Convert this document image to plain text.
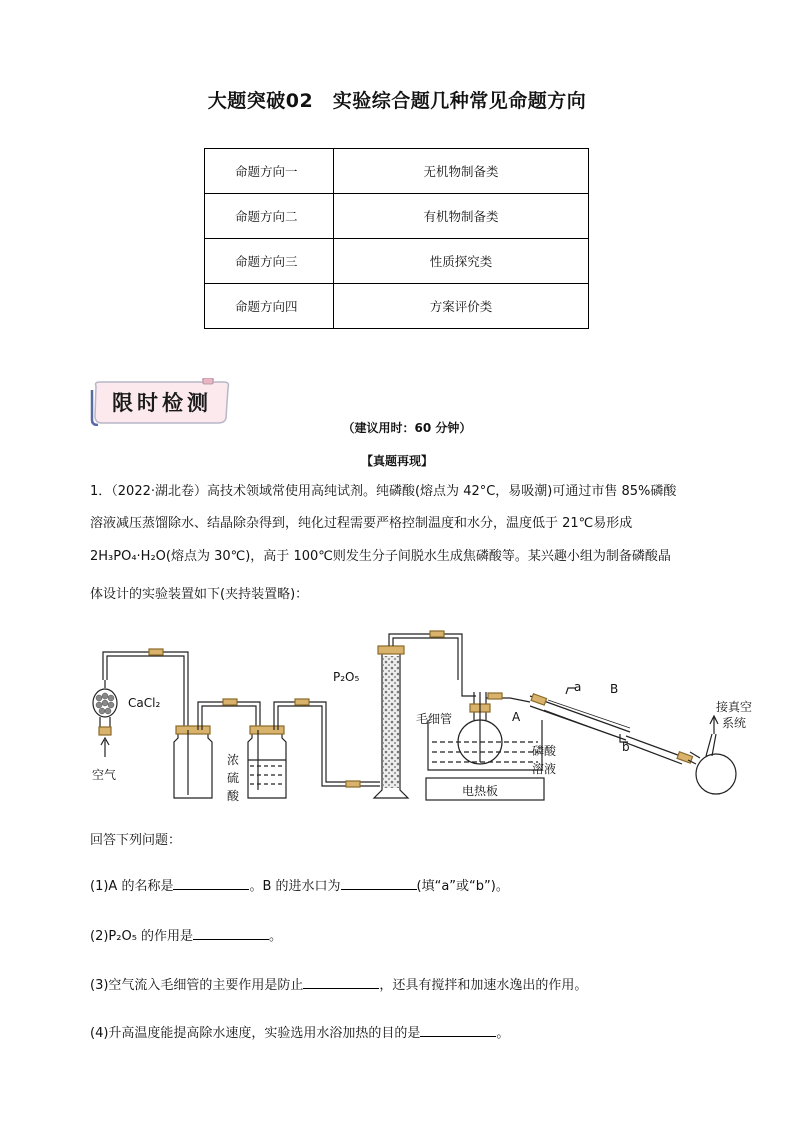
大题突破02　实验综合题几种常见命题方向
命题方向一	无机物制备类
命题方向二	有机物制备类
命题方向三	性质探究类
命题方向四	方案评价类
限时检测
（建议用时：60 分钟）
【真题再现】
1．（2022·湖北卷）高技术领域常使用高纯试剂。纯磷酸(熔点为 42°C，易吸潮)可通过市售 85%磷酸
溶液减压蒸馏除水、结晶除杂得到，纯化过程需要严格控制温度和水分，温度低于 21℃易形成
2H₃PO₄·H₂O(熔点为 30℃)，高于 100℃则发生分子间脱水生成焦磷酸等。某兴趣小组为制备磷酸晶
体设计的实验装置如下(夹持装置略)：
CaCl₂
空气
浓
硫
酸
P₂O₅
毛细管	A
磷酸
溶液
电热板
a B
b
接真空
系统
回答下列问题：
(1)A 的名称是	。B 的进水口为	(填“a”或“b”)。
(2)P₂O₅ 的作用是	。
(3)空气流入毛细管的主要作用是防止	，还具有搅拌和加速水逸出的作用。
(4)升高温度能提高除水速度，实验选用水浴加热的目的是	。
